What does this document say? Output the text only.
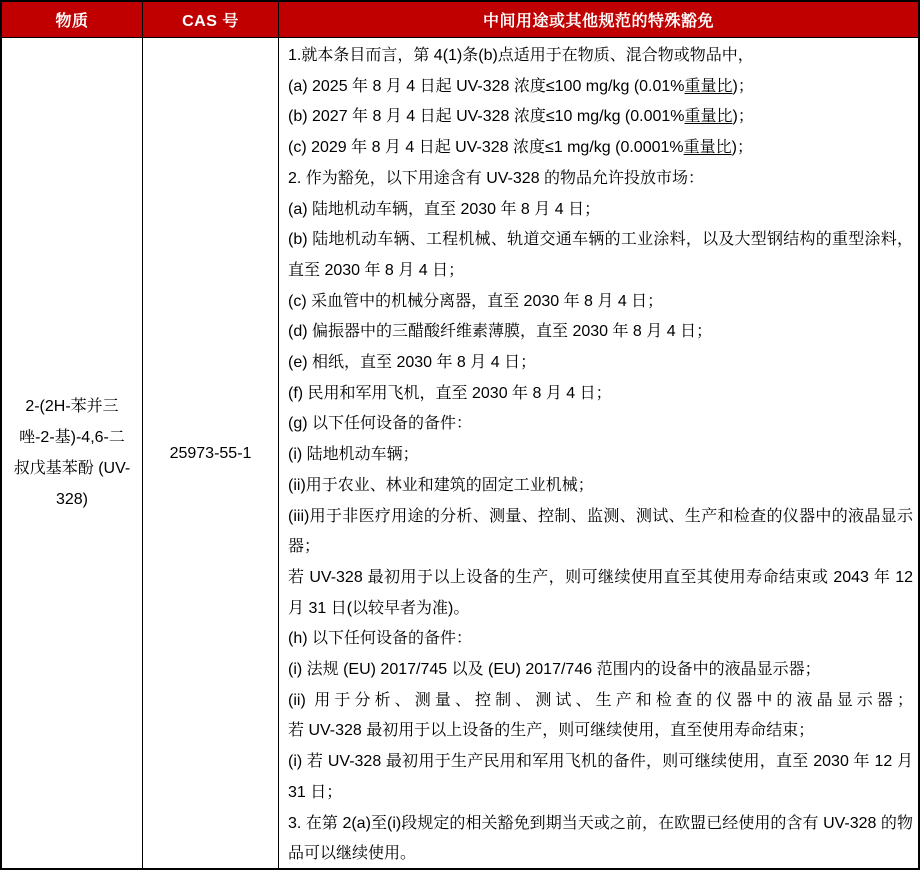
物质	CAS 号	中间用途或其他规范的特殊豁免
2-(2H-苯并三唑-2-基)-4,6-二叔戊基苯酚 (UV-328)
25973-55-1

1.就本条目而言，第 4(1)条(b)点适用于在物质、混合物或物品中，

(a) 2025 年 8 月 4 日起 UV-328 浓度≤100 mg/kg (0.01%重量比)；

(b) 2027 年 8 月 4 日起 UV-328 浓度≤10 mg/kg (0.001%重量比)；

(c) 2029 年 8 月 4 日起 UV-328 浓度≤1 mg/kg (0.0001%重量比)；

2. 作为豁免，以下用途含有 UV-328 的物品允许投放市场：

(a) 陆地机动车辆，直至 2030 年 8 月 4 日；

(b) 陆地机动车辆、工程机械、轨道交通车辆的工业涂料，以及大型钢结构的重型涂料，直至 2030 年 8 月 4 日；

(c) 采血管中的机械分离器，直至 2030 年 8 月 4 日；

(d) 偏振器中的三醋酸纤维素薄膜，直至 2030 年 8 月 4 日；

(e) 相纸，直至 2030 年 8 月 4 日；

(f) 民用和军用飞机，直至 2030 年 8 月 4 日；

(g) 以下任何设备的备件：

(i) 陆地机动车辆；

(ii)用于农业、林业和建筑的固定工业机械；

(iii)用于非医疗用途的分析、测量、控制、监测、测试、生产和检查的仪器中的液晶显示器；

若 UV-328 最初用于以上设备的生产，则可继续使用直至其使用寿命结束或 2043 年 12 月 31 日(以较早者为准)。

(h) 以下任何设备的备件：

(i) 法规 (EU) 2017/745 以及 (EU) 2017/746 范围内的设备中的液晶显示器；

(ii) 用于分析、测量、控制、测试、生产和检查的仪器中的液晶显示器；

若 UV-328 最初用于以上设备的生产，则可继续使用，直至使用寿命结束；

(i) 若 UV-328 最初用于生产民用和军用飞机的备件，则可继续使用，直至 2030 年 12 月 31 日；

3. 在第 2(a)至(i)段规定的相关豁免到期当天或之前，在欧盟已经使用的含有 UV-328 的物品可以继续使用。
